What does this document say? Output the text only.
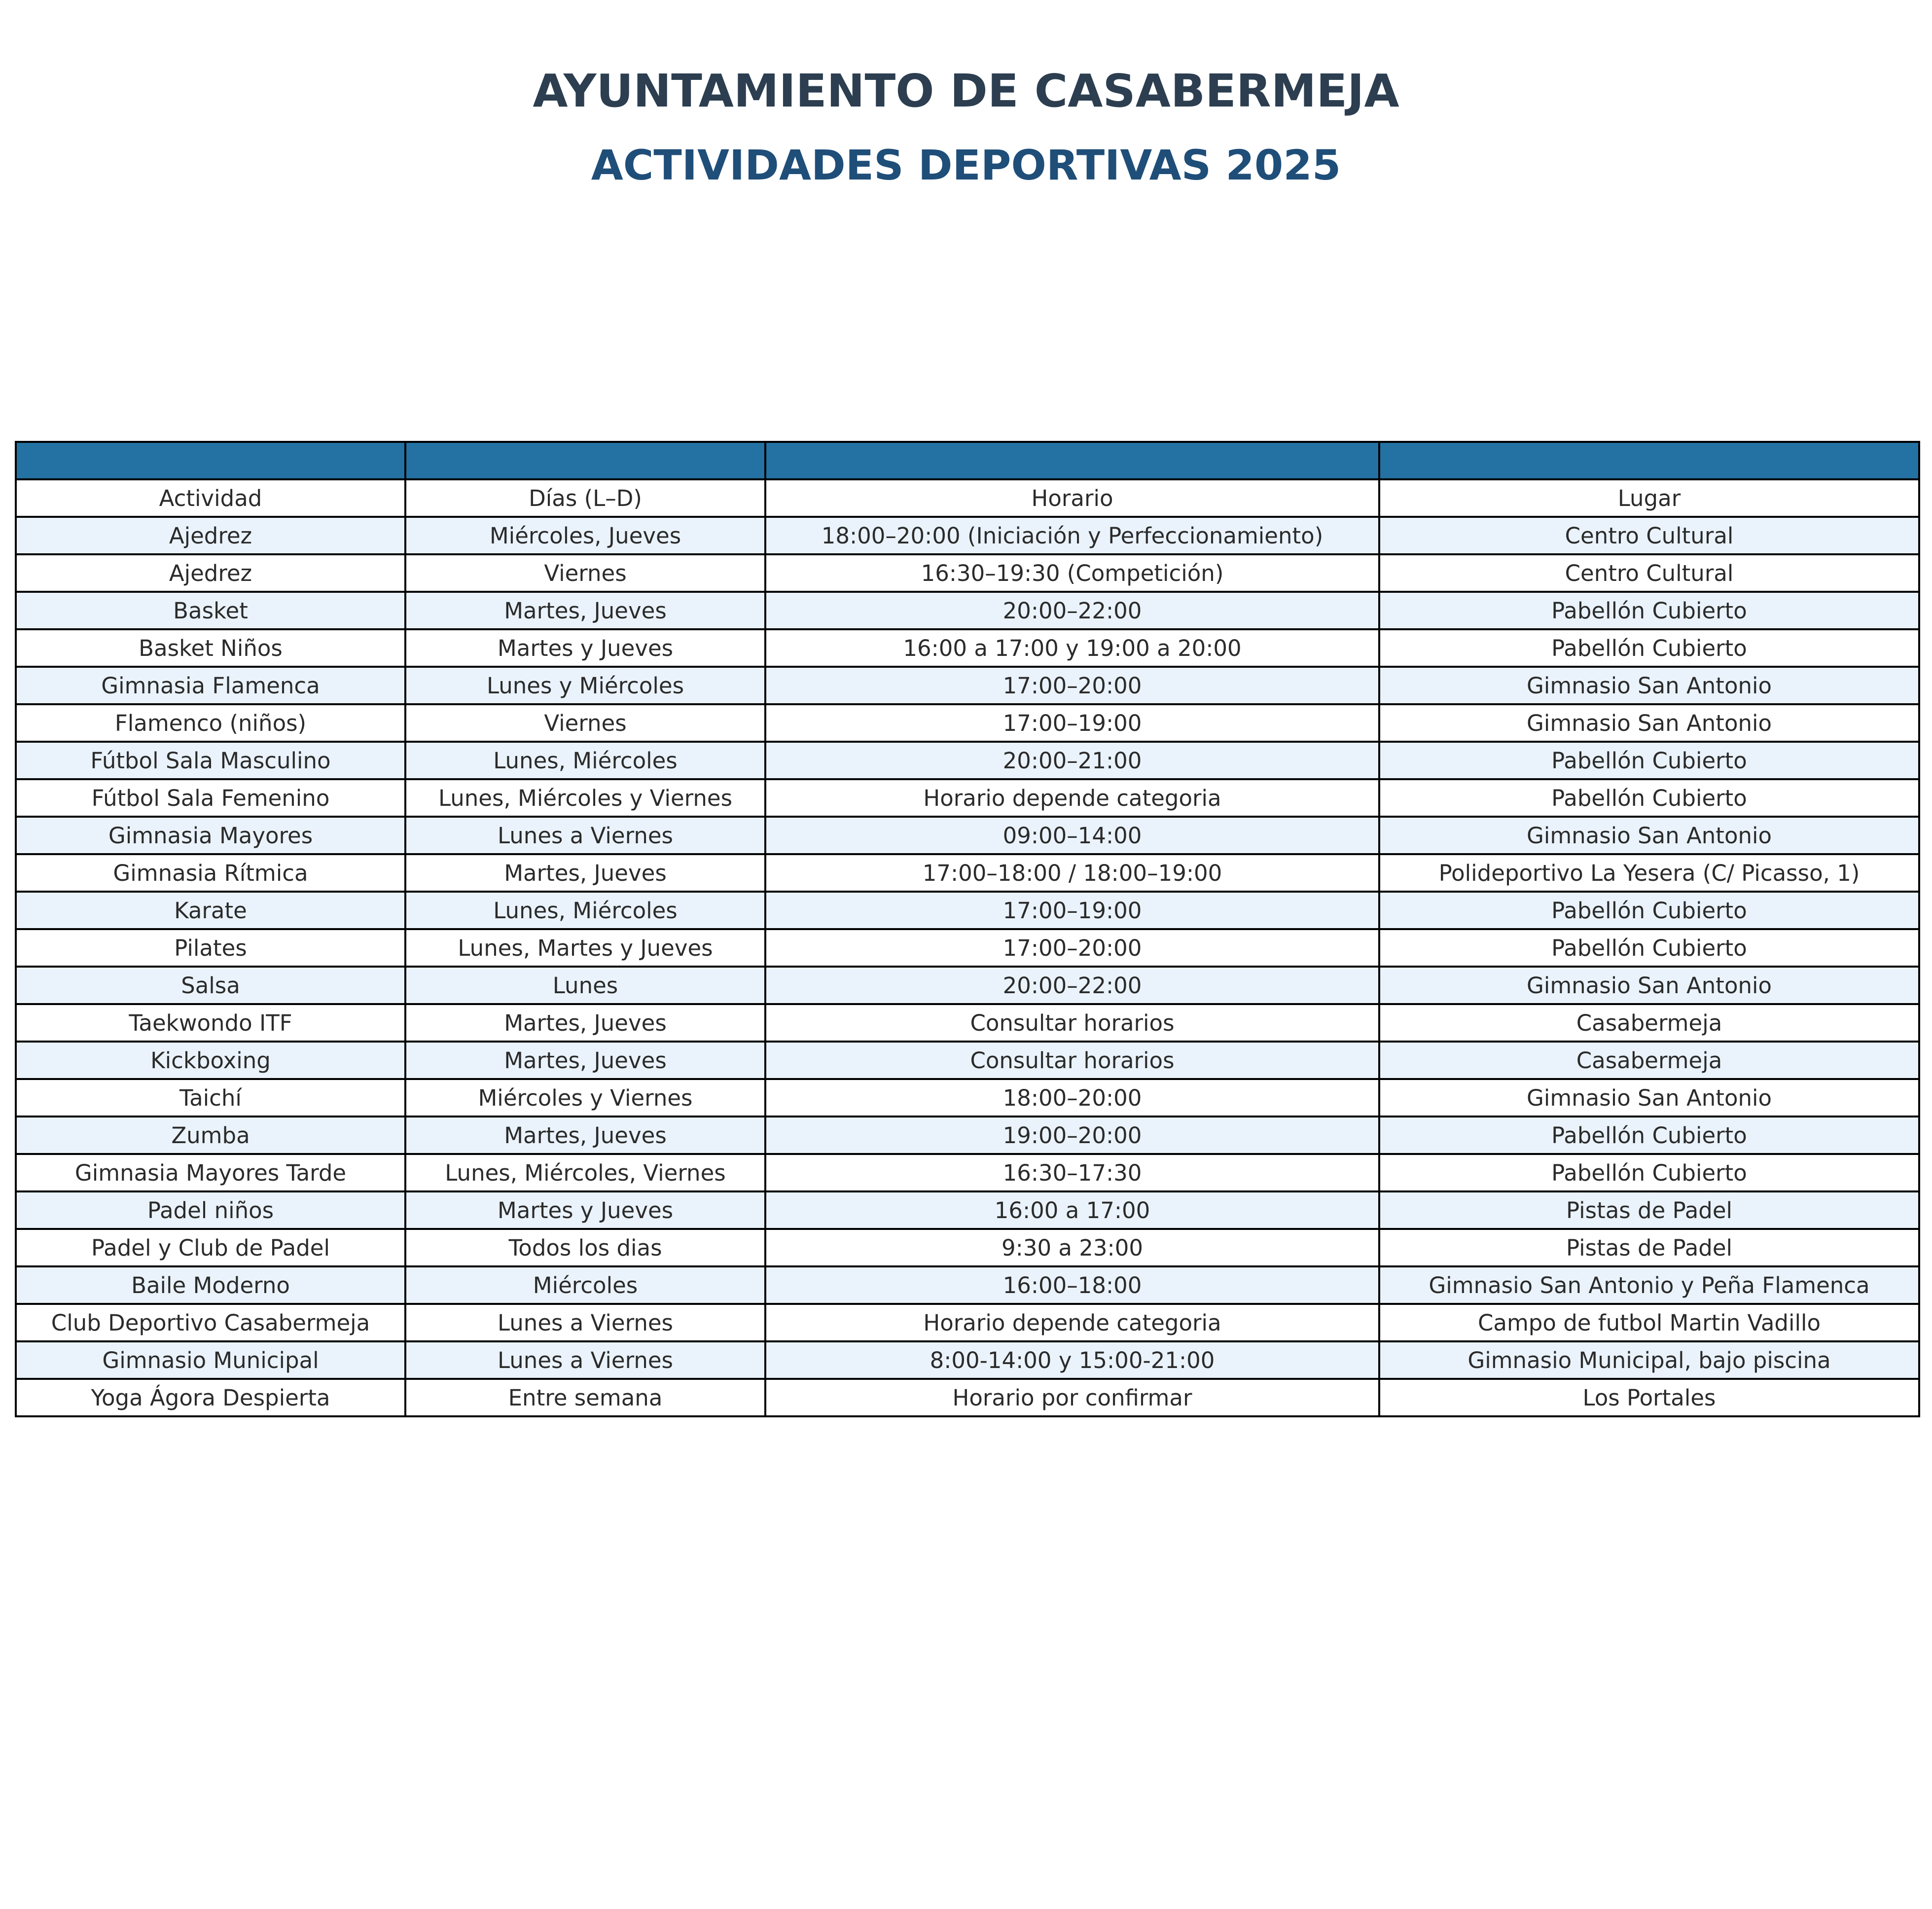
AYUNTAMIENTO DE CASABERMEJA
ACTIVIDADES DEPORTIVAS 2025

Actividad	Días (L–D)	Horario	Lugar
Ajedrez	Miércoles, Jueves	18:00–20:00 (Iniciación y Perfeccionamiento)	Centro Cultural
Ajedrez	Viernes	16:30–19:30 (Competición)	Centro Cultural
Basket	Martes, Jueves	20:00–22:00	Pabellón Cubierto
Basket Niños	Martes y Jueves	16:00 a 17:00 y 19:00 a 20:00	Pabellón Cubierto
Gimnasia Flamenca	Lunes y Miércoles	17:00–20:00	Gimnasio San Antonio
Flamenco (niños)	Viernes	17:00–19:00	Gimnasio San Antonio
Fútbol Sala Masculino	Lunes, Miércoles	20:00–21:00	Pabellón Cubierto
Fútbol Sala Femenino	Lunes, Miércoles y Viernes	Horario depende categoria	Pabellón Cubierto
Gimnasia Mayores	Lunes a Viernes	09:00–14:00	Gimnasio San Antonio
Gimnasia Rítmica	Martes, Jueves	17:00–18:00 / 18:00–19:00	Polideportivo La Yesera (C/ Picasso, 1)
Karate	Lunes, Miércoles	17:00–19:00	Pabellón Cubierto
Pilates	Lunes, Martes y Jueves	17:00–20:00	Pabellón Cubierto
Salsa	Lunes	20:00–22:00	Gimnasio San Antonio
Taekwondo ITF	Martes, Jueves	Consultar horarios	Casabermeja
Kickboxing	Martes, Jueves	Consultar horarios	Casabermeja
Taichí	Miércoles y Viernes	18:00–20:00	Gimnasio San Antonio
Zumba	Martes, Jueves	19:00–20:00	Pabellón Cubierto
Gimnasia Mayores Tarde	Lunes, Miércoles, Viernes	16:30–17:30	Pabellón Cubierto
Padel niños	Martes y Jueves	16:00 a 17:00	Pistas de Padel
Padel y Club de Padel	Todos los dias	9:30 a 23:00	Pistas de Padel
Baile Moderno	Miércoles	16:00–18:00	Gimnasio San Antonio y Peña Flamenca
Club Deportivo Casabermeja	Lunes a Viernes	Horario depende categoria	Campo de futbol Martin Vadillo
Gimnasio Municipal	Lunes a Viernes	8:00-14:00 y 15:00-21:00	Gimnasio Municipal, bajo piscina
Yoga Ágora Despierta	Entre semana	Horario por confirmar	Los Portales
